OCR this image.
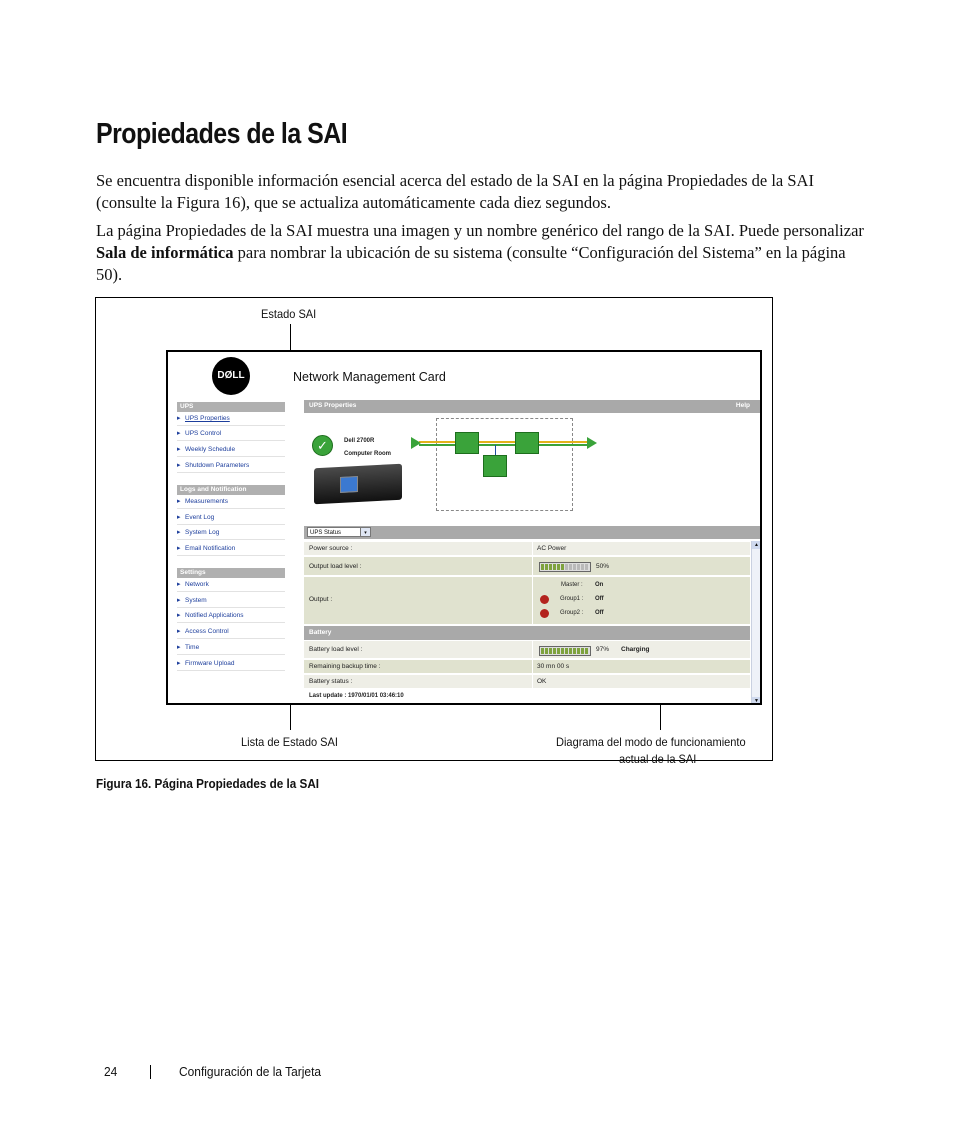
Propiedades de la SAI

Se encuentra disponible información esencial acerca del estado de la SAI en la página Propiedades de la SAI (consulte la Figura 16), que se actualiza automáticamente cada diez segundos.

La página Propiedades de la SAI muestra una imagen y un nombre genérico del rango de la SAI. Puede personalizar Sala de informática para nombrar la ubicación de su sistema (consulte “Configuración del Sistema” en la página 50).

Estado SAI
Lista de Estado SAI	Diagrama del modo de funcionamiento
actual de la SAI
DØLL	Network Management Card
UPS
▸ UPS Properties
▸ UPS Control
▸ Weekly Schedule
▸ Shutdown Parameters
Logs and Notification
▸ Measurements
▸ Event Log
▸ System Log
▸ Email Notification
Settings
▸ Network
▸ System
▸ Notified Applications
▸ Access Control
▸ Time
▸ Firmware Upload
UPS Properties	Help
✓	Dell 2700R
Computer Room
UPS Status	▾
Power source :	AC Power
Output load level :	50%
Output :
Master : On
Group1 : Off
Group2 : Off
Battery
Battery load level :	97% Charging
Remaining backup time :	30 mn 00 s
Battery status :	OK
Last update : 1970/01/01 03:46:10
▲
▼
Figura 16. Página Propiedades de la SAI
24	Configuración de la Tarjeta
